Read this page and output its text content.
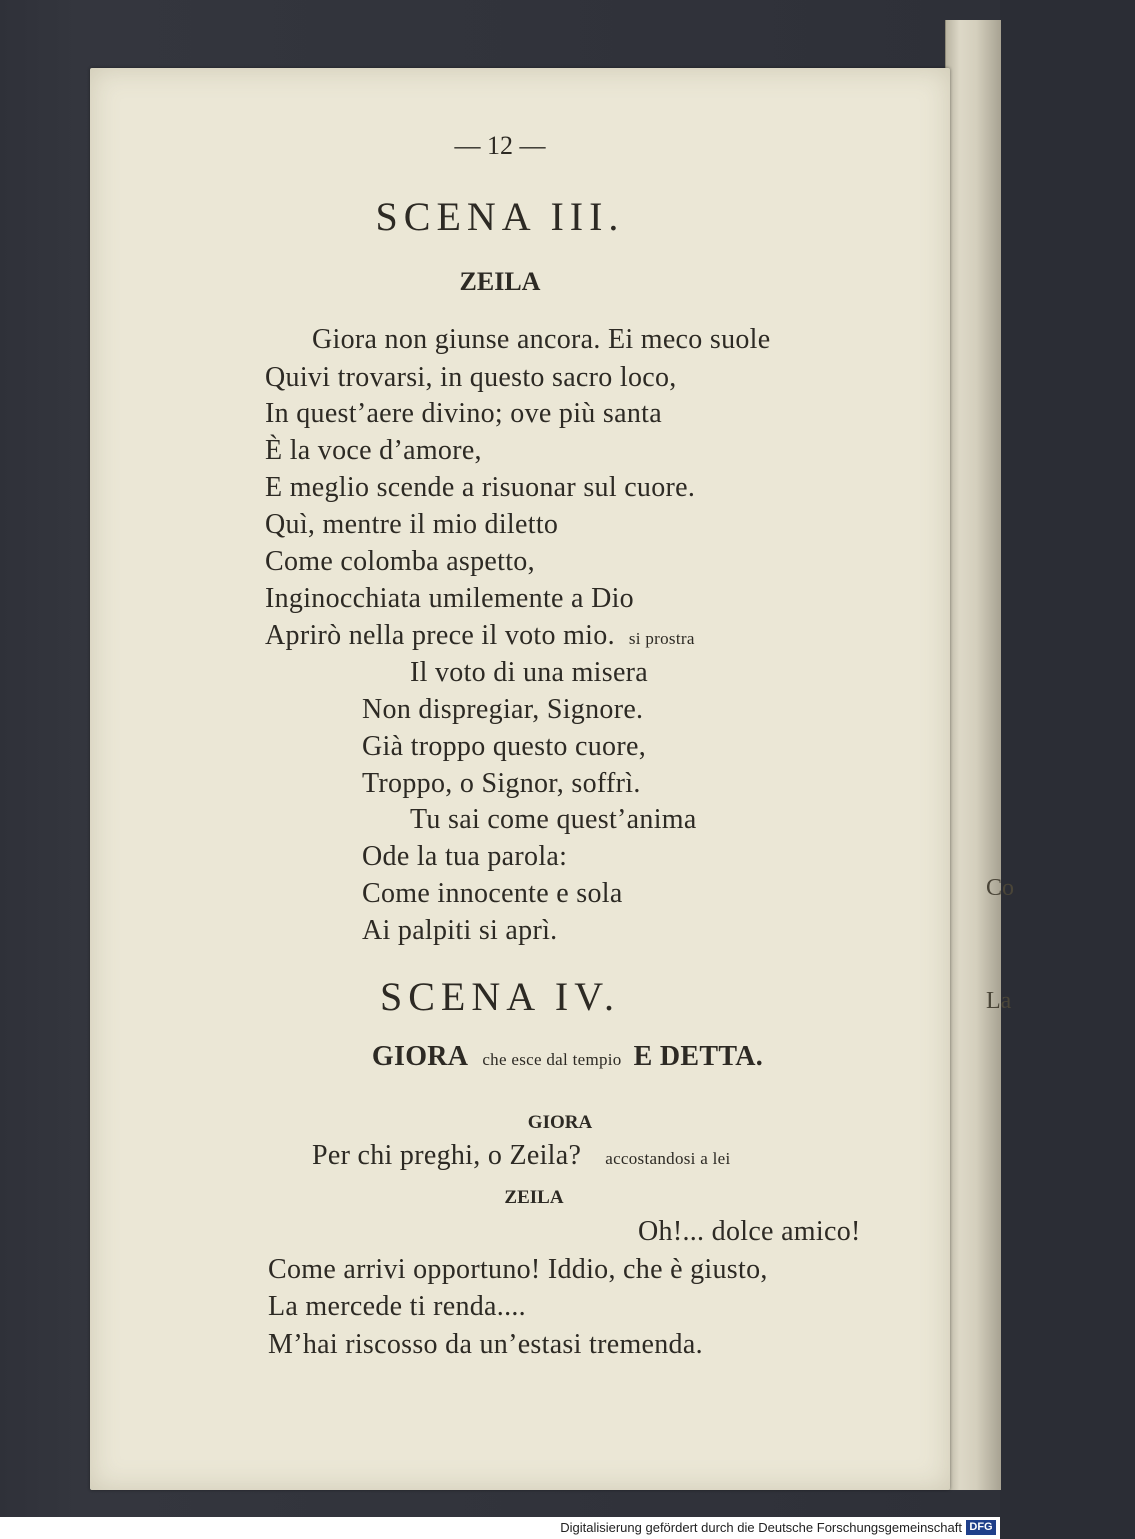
Co
La
— 12 —
SCENA III.
ZEILA
Giora non giunse ancora. Ei meco suole
Quivi trovarsi, in questo sacro loco,
In quest’aere divino; ove più santa
È la voce d’amore,
E meglio scende a risuonar sul cuore.
Quì, mentre il mio diletto
Come colomba aspetto,
Inginocchiata umilemente a Dio
Aprirò nella prece il voto mio. si prostra
Il voto di una misera
Non dispregiar, Signore.
Già troppo questo cuore,
Troppo, o Signor, soffrì.
Tu sai come quest’anima
Ode la tua parola:
Come innocente e sola
Ai palpiti si aprì.
SCENA IV.
GIORA che esce dal tempio E DETTA.
GIORA
Per chi preghi, o Zeila? accostandosi a lei
ZEILA
Oh!... dolce amico!
Come arrivi opportuno! Iddio, che è giusto,
La mercede ti renda....
M’hai riscosso da un’estasi tremenda.
Digitalisierung gefördert durch die Deutsche Forschungsgemeinschaft DFG
